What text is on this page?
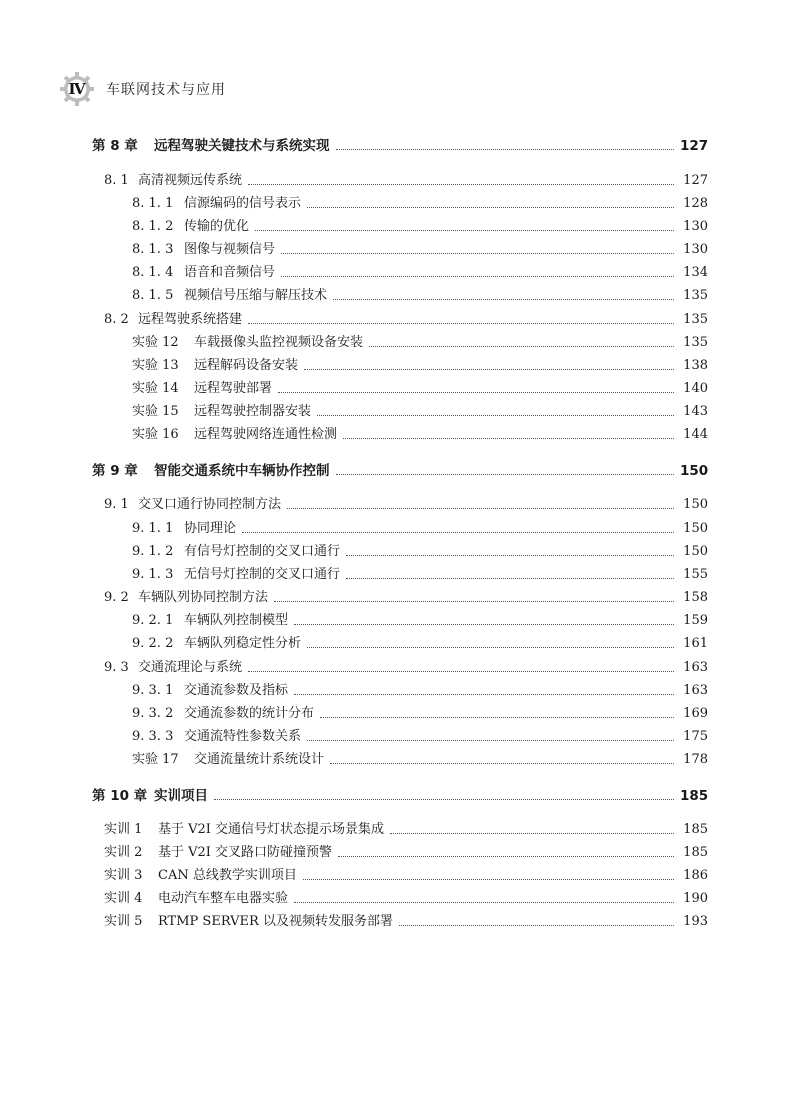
Ⅳ	车联网技术与应用
第 8 章	远程驾驶关键技术与系统实现	127
8. 1 高清视频远传系统	127
8. 1. 1 信源编码的信号表示	128
8. 1. 2 传输的优化	130
8. 1. 3 图像与视频信号	130
8. 1. 4 语音和音频信号	134
8. 1. 5 视频信号压缩与解压技术	135
8. 2 远程驾驶系统搭建	135
实验 12	车载摄像头监控视频设备安装	135
实验 13	远程解码设备安装	138
实验 14	远程驾驶部署	140
实验 15	远程驾驶控制器安装	143
实验 16	远程驾驶网络连通性检测	144
第 9 章	智能交通系统中车辆协作控制	150
9. 1 交叉口通行协同控制方法	150
9. 1. 1 协同理论	150
9. 1. 2 有信号灯控制的交叉口通行	150
9. 1. 3 无信号灯控制的交叉口通行	155
9. 2 车辆队列协同控制方法	158
9. 2. 1 车辆队列控制模型	159
9. 2. 2 车辆队列稳定性分析	161
9. 3 交通流理论与系统	163
9. 3. 1 交通流参数及指标	163
9. 3. 2 交通流参数的统计分布	169
9. 3. 3 交通流特性参数关系	175
实验 17	交通流量统计系统设计	178
第 10 章 实训项目	185
实训 1	基于 V2I 交通信号灯状态提示场景集成	185
实训 2	基于 V2I 交叉路口防碰撞预警	185
实训 3	CAN 总线教学实训项目	186
实训 4	电动汽车整车电器实验	190
实训 5	RTMP SERVER 以及视频转发服务部署	193
